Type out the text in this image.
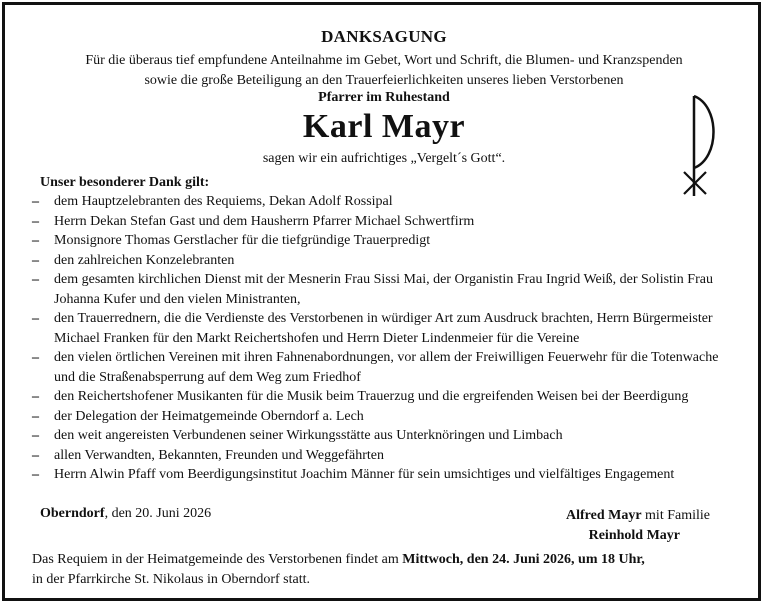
DANKSAGUNG
Für die überaus tief empfundene Anteilnahme im Gebet, Wort und Schrift, die Blumen- und Kranzspenden
sowie die große Beteiligung an den Trauerfeierlichkeiten unseres lieben Verstorbenen
Pfarrer im Ruhestand
Karl Mayr
sagen wir ein aufrichtiges „Vergelt´s Gott“.
Unser besonderer Dank gilt:
– dem Hauptzelebranten des Requiems, Dekan Adolf Rossipal
– Herrn Dekan Stefan Gast und dem Hausherrn Pfarrer Michael Schwertfirm
– Monsignore Thomas Gerstlacher für die tiefgründige Trauerpredigt
– den zahlreichen Konzelebranten
– dem gesamten kirchlichen Dienst mit der Mesnerin Frau Sissi Mai, der Organistin Frau Ingrid Weiß, der Solistin Frau Johanna Kufer und den vielen Ministranten,
– den Trauerrednern, die die Verdienste des Verstorbenen in würdiger Art zum Ausdruck brachten, Herrn Bürgermeister Michael Franken für den Markt Reichertshofen und Herrn Dieter Lindenmeier für die Vereine
– den vielen örtlichen Vereinen mit ihren Fahnenabordnungen, vor allem der Freiwilligen Feuerwehr für die Totenwache und die Straßenabsperrung auf dem Weg zum Friedhof
– den Reichertshofener Musikanten für die Musik beim Trauerzug und die ergreifenden Weisen bei der Beerdigung
– der Delegation der Heimatgemeinde Oberndorf a. Lech
– den weit angereisten Verbundenen seiner Wirkungsstätte aus Unterknöringen und Limbach
– allen Verwandten, Bekannten, Freunden und Weggefährten
– Herrn Alwin Pfaff vom Beerdigungsinstitut Joachim Männer für sein umsichtiges und vielfältiges Engagement
Oberndorf, den 20. Juni 2026	Alfred Mayr mit Familie
Reinhold Mayr
Das Requiem in der Heimatgemeinde des Verstorbenen findet am Mittwoch, den 24. Juni 2026, um 18 Uhr,
in der Pfarrkirche St. Nikolaus in Oberndorf statt.
